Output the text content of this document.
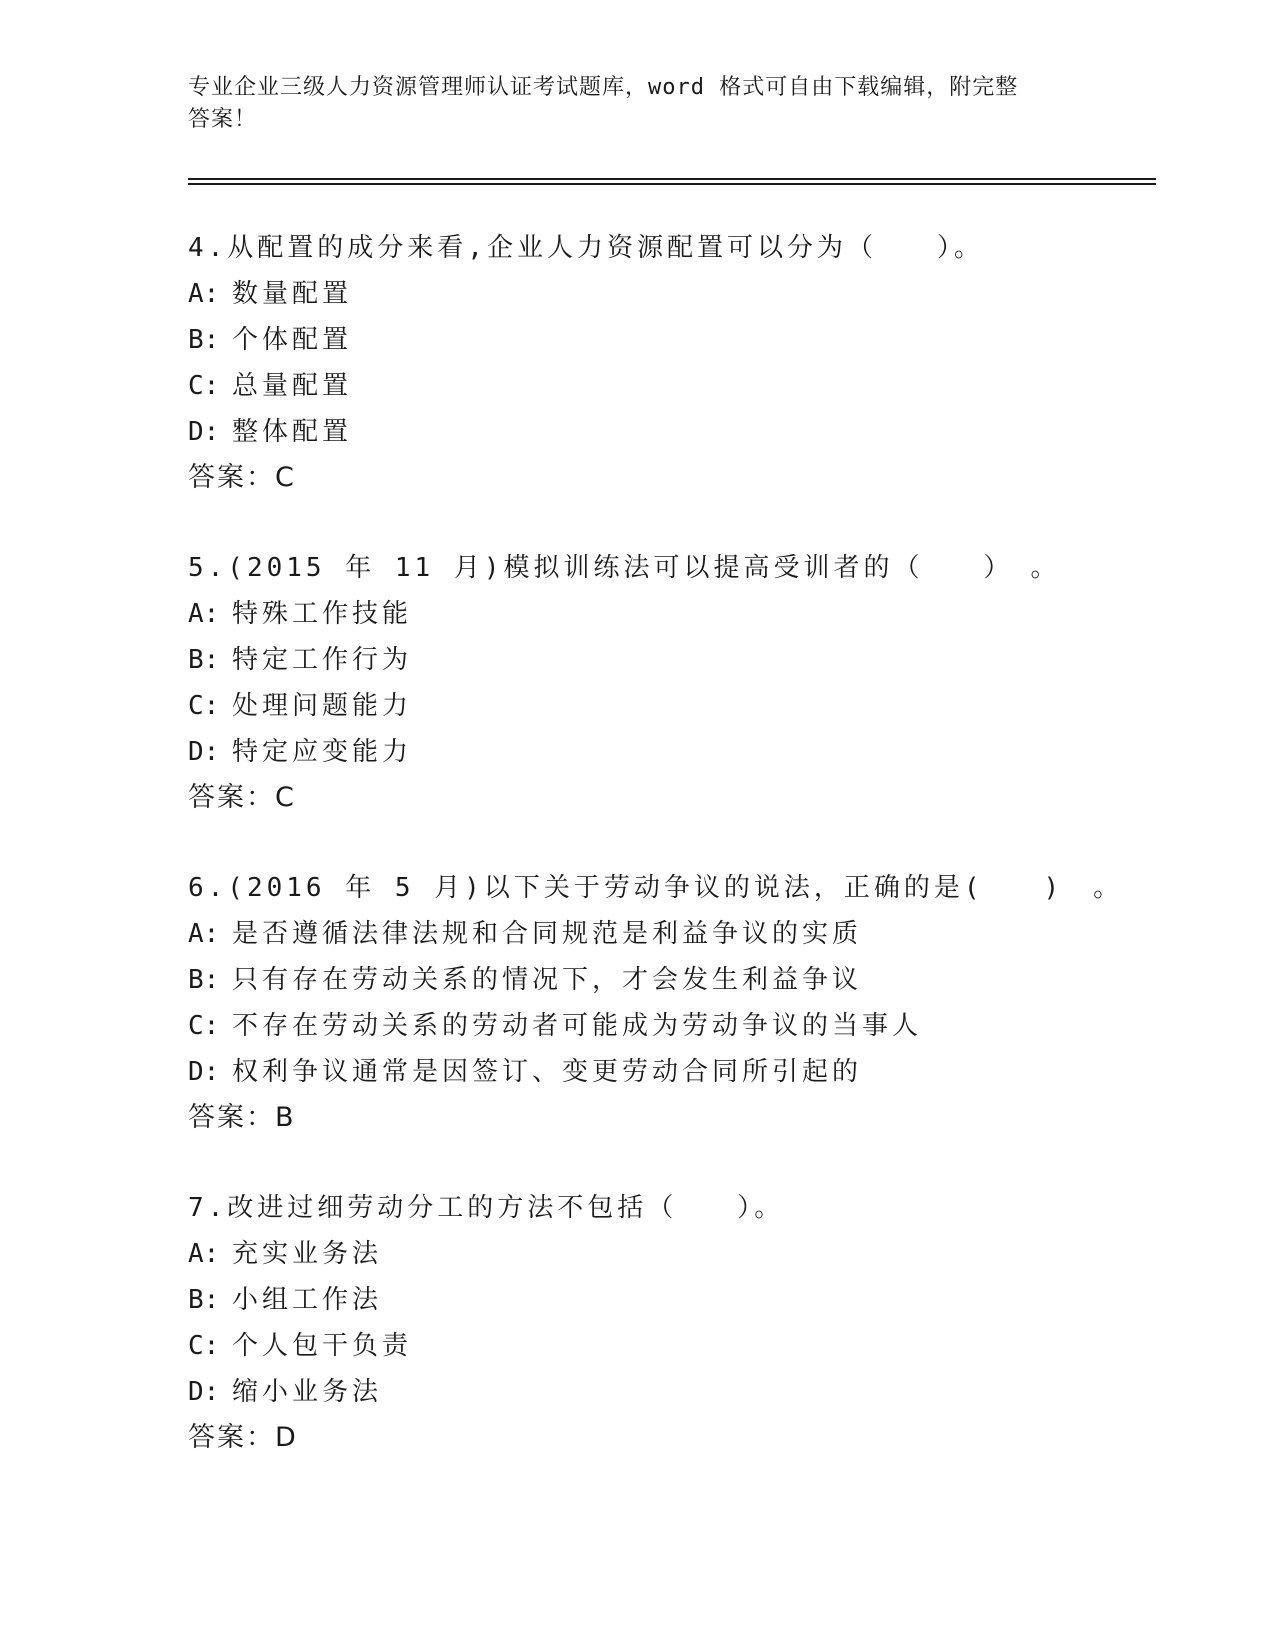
专业企业三级人力资源管理师认证考试题库，word 格式可自由下载编辑，附完整
答案！
4.从配置的成分来看,企业人力资源配置可以分为（　　）。
A: 数量配置
B: 个体配置
C: 总量配置
D: 整体配置
答案：C
5.(2015 年 11 月)模拟训练法可以提高受训者的（　　）　。
A: 特殊工作技能
B: 特定工作行为
C: 处理问题能力
D: 特定应变能力
答案：C
6.(2016 年 5 月)以下关于劳动争议的说法，正确的是(　　)　。
A: 是否遵循法律法规和合同规范是利益争议的实质
B: 只有存在劳动关系的情况下，才会发生利益争议
C: 不存在劳动关系的劳动者可能成为劳动争议的当事人
D: 权利争议通常是因签订、变更劳动合同所引起的
答案：B
7.改进过细劳动分工的方法不包括（　　）。
A: 充实业务法
B: 小组工作法
C: 个人包干负责
D: 缩小业务法
答案：D
